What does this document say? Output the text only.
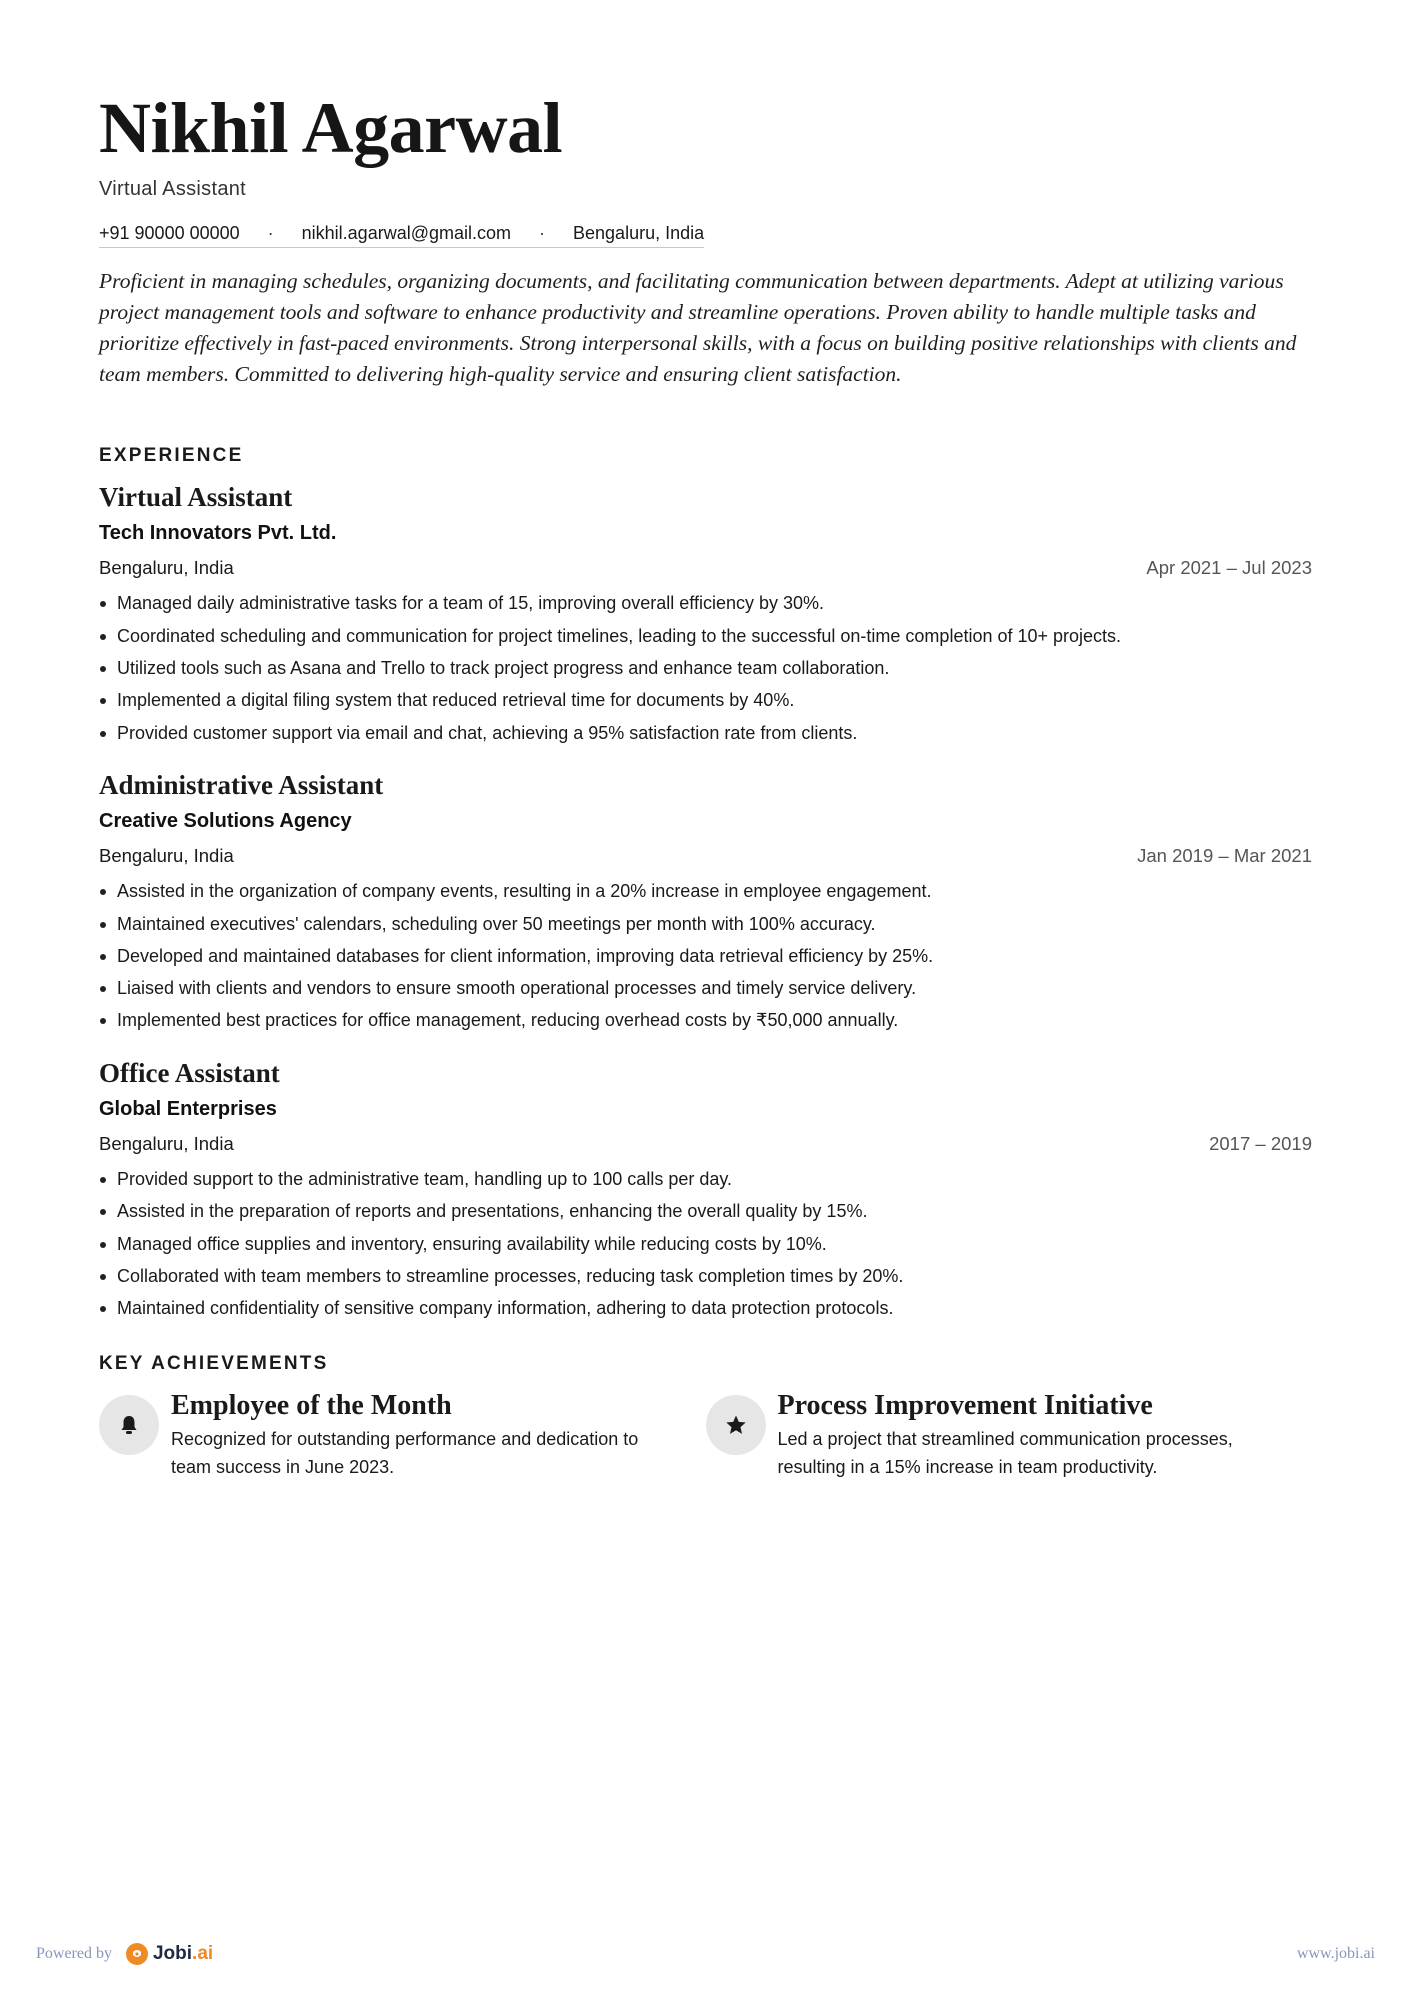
Nikhil Agarwal
Virtual Assistant
+91 90000 00000 · nikhil.agarwal@gmail.com · Bengaluru, India

Proficient in managing schedules, organizing documents, and facilitating communication between departments. Adept at utilizing various project management tools and software to enhance productivity and streamline operations. Proven ability to handle multiple tasks and prioritize effectively in fast-paced environments. Strong interpersonal skills, with a focus on building positive relationships with clients and team members. Committed to delivering high-quality service and ensuring client satisfaction.

EXPERIENCE
Virtual Assistant
Tech Innovators Pvt. Ltd.
Bengaluru, India	Apr 2021 – Jul 2023
Managed daily administrative tasks for a team of 15, improving overall efficiency by 30%.
Coordinated scheduling and communication for project timelines, leading to the successful on-time completion of 10+ projects.
Utilized tools such as Asana and Trello to track project progress and enhance team collaboration.
Implemented a digital filing system that reduced retrieval time for documents by 40%.
Provided customer support via email and chat, achieving a 95% satisfaction rate from clients.
Administrative Assistant
Creative Solutions Agency
Bengaluru, India	Jan 2019 – Mar 2021
Assisted in the organization of company events, resulting in a 20% increase in employee engagement.
Maintained executives' calendars, scheduling over 50 meetings per month with 100% accuracy.
Developed and maintained databases for client information, improving data retrieval efficiency by 25%.
Liaised with clients and vendors to ensure smooth operational processes and timely service delivery.
Implemented best practices for office management, reducing overhead costs by ₹50,000 annually.
Office Assistant
Global Enterprises
Bengaluru, India	2017 – 2019
Provided support to the administrative team, handling up to 100 calls per day.
Assisted in the preparation of reports and presentations, enhancing the overall quality by 15%.
Managed office supplies and inventory, ensuring availability while reducing costs by 10%.
Collaborated with team members to streamline processes, reducing task completion times by 20%.
Maintained confidentiality of sensitive company information, adhering to data protection protocols.
KEY ACHIEVEMENTS
Employee of the Month
Recognized for outstanding performance and dedication to team success in June 2023.
Process Improvement Initiative
Led a project that streamlined communication processes, resulting in a 15% increase in team productivity.
Powered by Jobi .ai	www.jobi.ai
